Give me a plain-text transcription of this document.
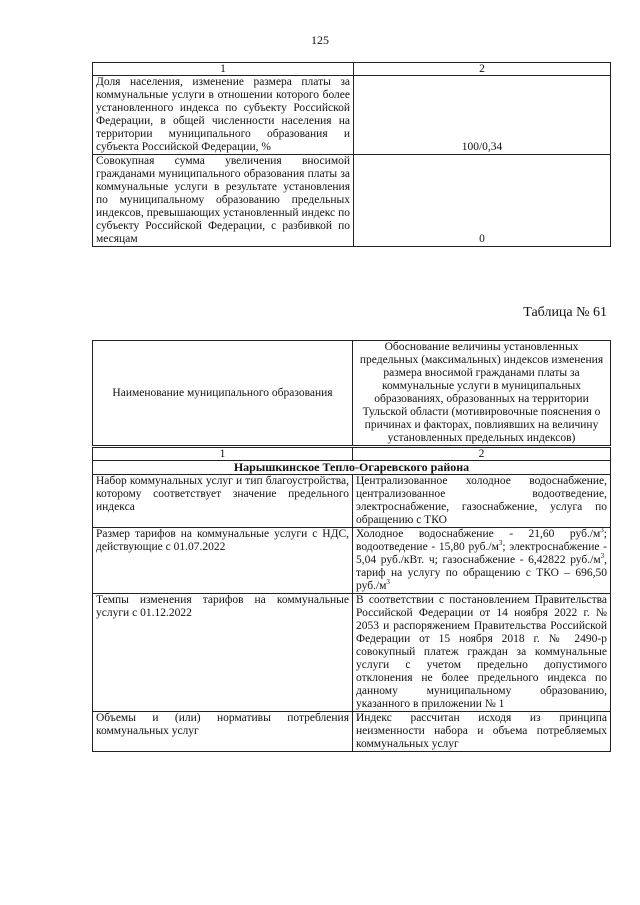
125
1	2
Доля населения, изменение размера платы за коммунальные услуги в отношении которого более установленного индекса по субъекту Российской Федерации, в общей численности населения на территории муниципального образования и субъекта Российской Федерации, %	100/0,34
Совокупная сумма увеличения вносимой гражданами муниципального образования платы за коммунальные услуги в результате установления по муниципальному образованию предельных индексов, превышающих установленный индекс по субъекту Российской Федерации, с разбивкой по месяцам	0
Таблица № 61
Наименование муниципального образования	Обоснование величины установленных предельных (максимальных) индексов изменения размера вносимой гражданами платы за коммунальные услуги в муниципальных образованиях, образованных на территории Тульской области (мотивировочные пояснения о причинах и факторах, повлиявших на величину установленных предельных индексов)
1	2
Нарышкинское Тепло-Огаревского района	
Набор коммунальных услуг и тип благоустройства, которому соответствует значение предельного индекса	Централизованное холодное водоснабжение, централизованное водоотведение, электроснабжение, газоснабжение, услуга по обращению с ТКО
Размер тарифов на коммунальные услуги с НДС, действующие с 01.07.2022	Холодное водоснабжение - 21,60 $руб./м^3$; водоотведение - 15,80 $руб./м^3$; электроснабжение - 5,04 руб./кВт. ч; газоснабжение - 6,42822 $руб./м^3$, тариф на услугу по обращению с ТКО – 696,50 $руб./м^3$
Темпы изменения тарифов на коммунальные услуги с 01.12.2022	В соответствии с постановлением Правительства Российской Федерации от 14 ноября 2022 г. № 2053 и распоряжением Правительства Российской Федерации от 15 ноября 2018 г. № 2490-р совокупный платеж граждан за коммунальные услуги с учетом предельно допустимого отклонения не более предельного индекса по данному муниципальному образованию, указанного в приложении № 1
Объемы и (или) нормативы потребления коммунальных услуг	Индекс рассчитан исходя из принципа неизменности набора и объема потребляемых коммунальных услуг
